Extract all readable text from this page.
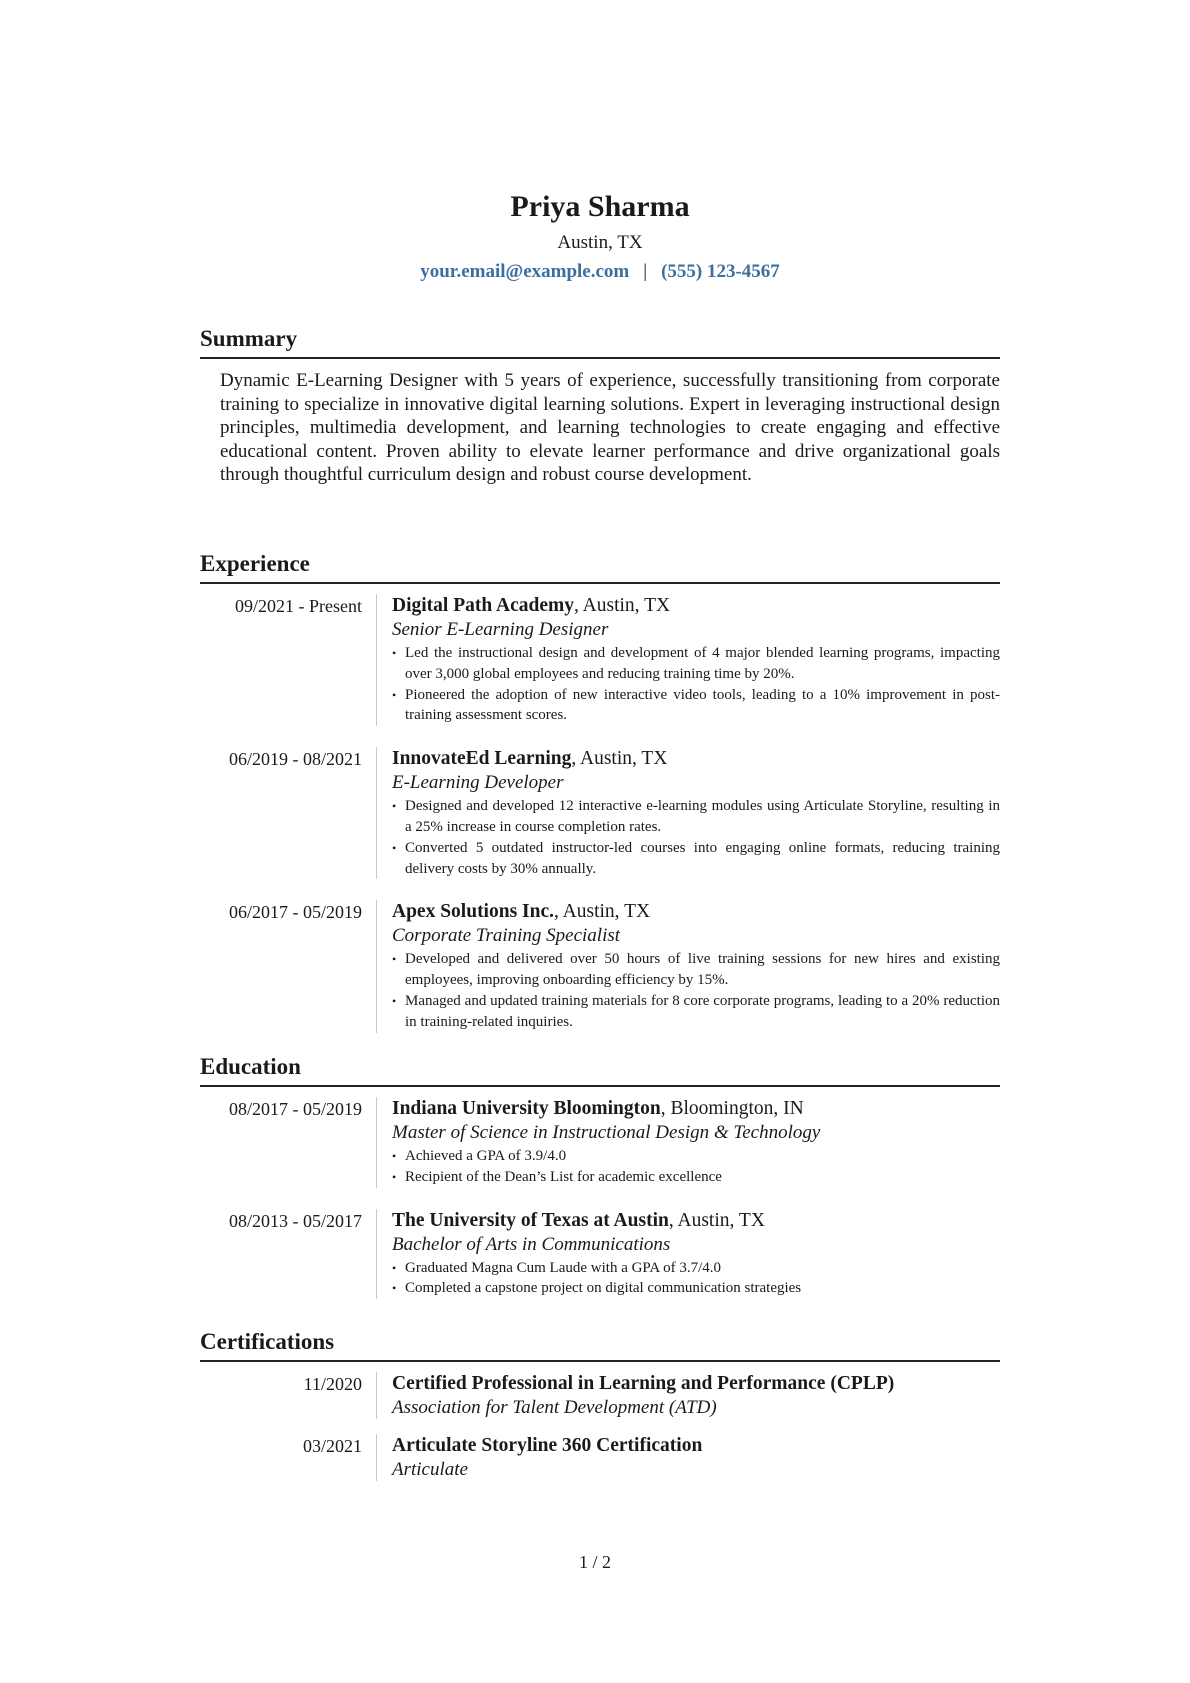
Priya Sharma
Austin, TX
your.email@example.com | (555) 123-4567
Summary
Dynamic E-Learning Designer with 5 years of experience, successfully transitioning from corporate training to specialize in innovative digital learning solutions. Expert in leveraging instructional design principles, multimedia development, and learning technologies to create engaging and effective educational content. Proven ability to elevate learner performance and drive organizational goals through thoughtful curriculum design and robust course development.
Experience
09/2021 - Present	Digital Path Academy, Austin, TX
Senior E-Learning Designer
• Led the instructional design and development of 4 major blended learning programs, impacting over 3,000 global employees and reducing training time by 20%.
• Pioneered the adoption of new interactive video tools, leading to a 10% improvement in post-training assessment scores.
06/2019 - 08/2021	InnovateEd Learning, Austin, TX
E-Learning Developer
• Designed and developed 12 interactive e-learning modules using Articulate Storyline, resulting in a 25% increase in course completion rates.
• Converted 5 outdated instructor-led courses into engaging online formats, reducing training delivery costs by 30% annually.
06/2017 - 05/2019	Apex Solutions Inc., Austin, TX
Corporate Training Specialist
• Developed and delivered over 50 hours of live training sessions for new hires and existing employees, improving onboarding efficiency by 15%.
• Managed and updated training materials for 8 core corporate programs, leading to a 20% reduction in training-related inquiries.
Education
08/2017 - 05/2019	Indiana University Bloomington, Bloomington, IN
Master of Science in Instructional Design & Technology
• Achieved a GPA of 3.9/4.0
• Recipient of the Dean’s List for academic excellence
08/2013 - 05/2017	The University of Texas at Austin, Austin, TX
Bachelor of Arts in Communications
• Graduated Magna Cum Laude with a GPA of 3.7/4.0
• Completed a capstone project on digital communication strategies
Certifications
11/2020	Certified Professional in Learning and Performance (CPLP)
Association for Talent Development (ATD)
03/2021	Articulate Storyline 360 Certification
Articulate
1 / 2
